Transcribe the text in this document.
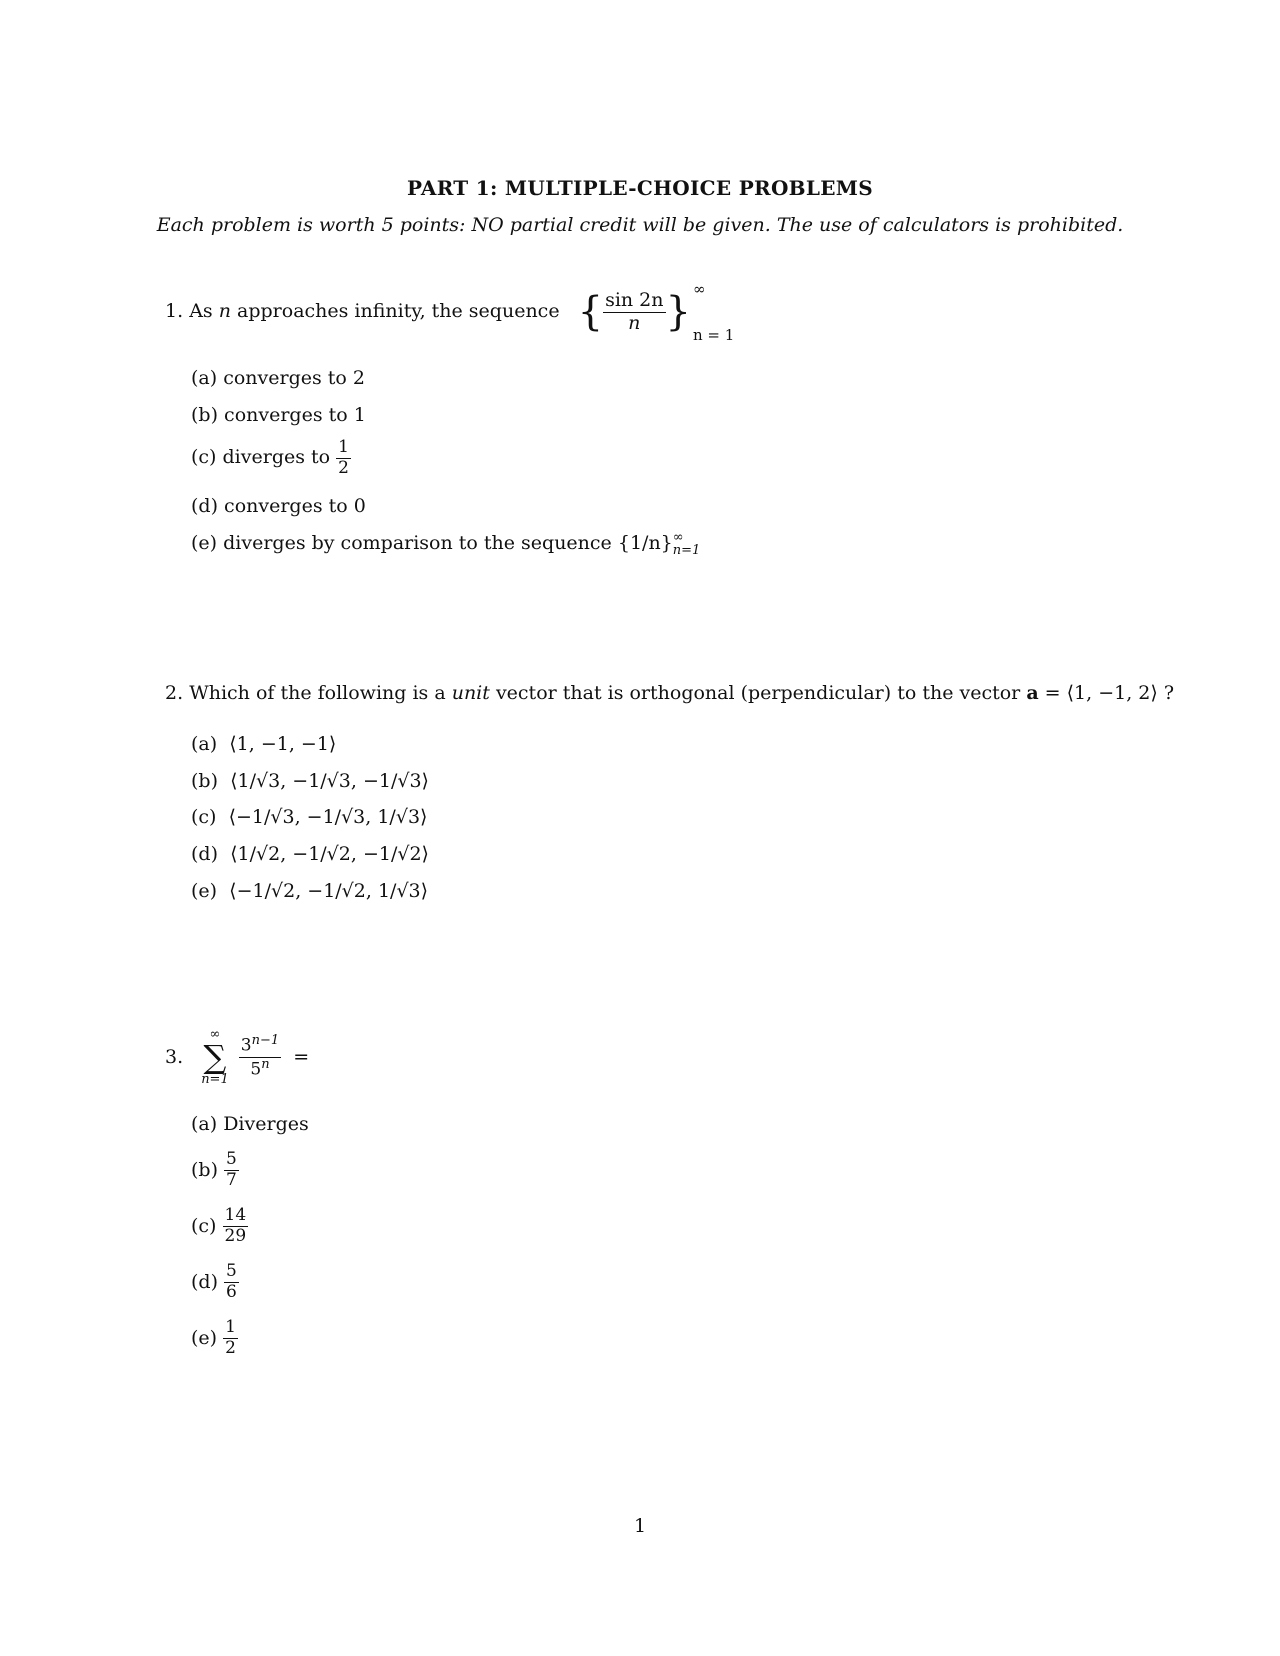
PART 1: MULTIPLE-CHOICE PROBLEMS
Each problem is worth 5 points: NO partial credit will be given. The use of calculators is prohibited.
1. As n approaches infinity, the sequence { $\frac{\sin 2n}{n}$ } ∞
n = 1
(a) converges to 2
(b) converges to 1
(c) diverges to $\frac{1}{2}$
(d) converges to 0
(e) diverges by comparison to the sequence {1/n} ∞
n=1
2. Which of the following is a unit vector that is orthogonal (perpendicular) to the vector a = ⟨1, −1, 2⟩ ?
(a) ⟨1, −1, −1⟩
(b) ⟨1/√3, −1/√3, −1/√3⟩
(c) ⟨−1/√3, −1/√3, 1/√3⟩
(d) ⟨1/√2, −1/√2, −1/√2⟩
(e) ⟨−1/√2, −1/√2, 1/√3⟩
3.
∞
∑
n=1
$\frac{3^{n-1}}{5^n}$ =
(a) Diverges
$(b) \frac{5}{7}$
$(c) \frac{14}{29}$
$(d) \frac{5}{6}$
$(e) \frac{1}{2}$
1
